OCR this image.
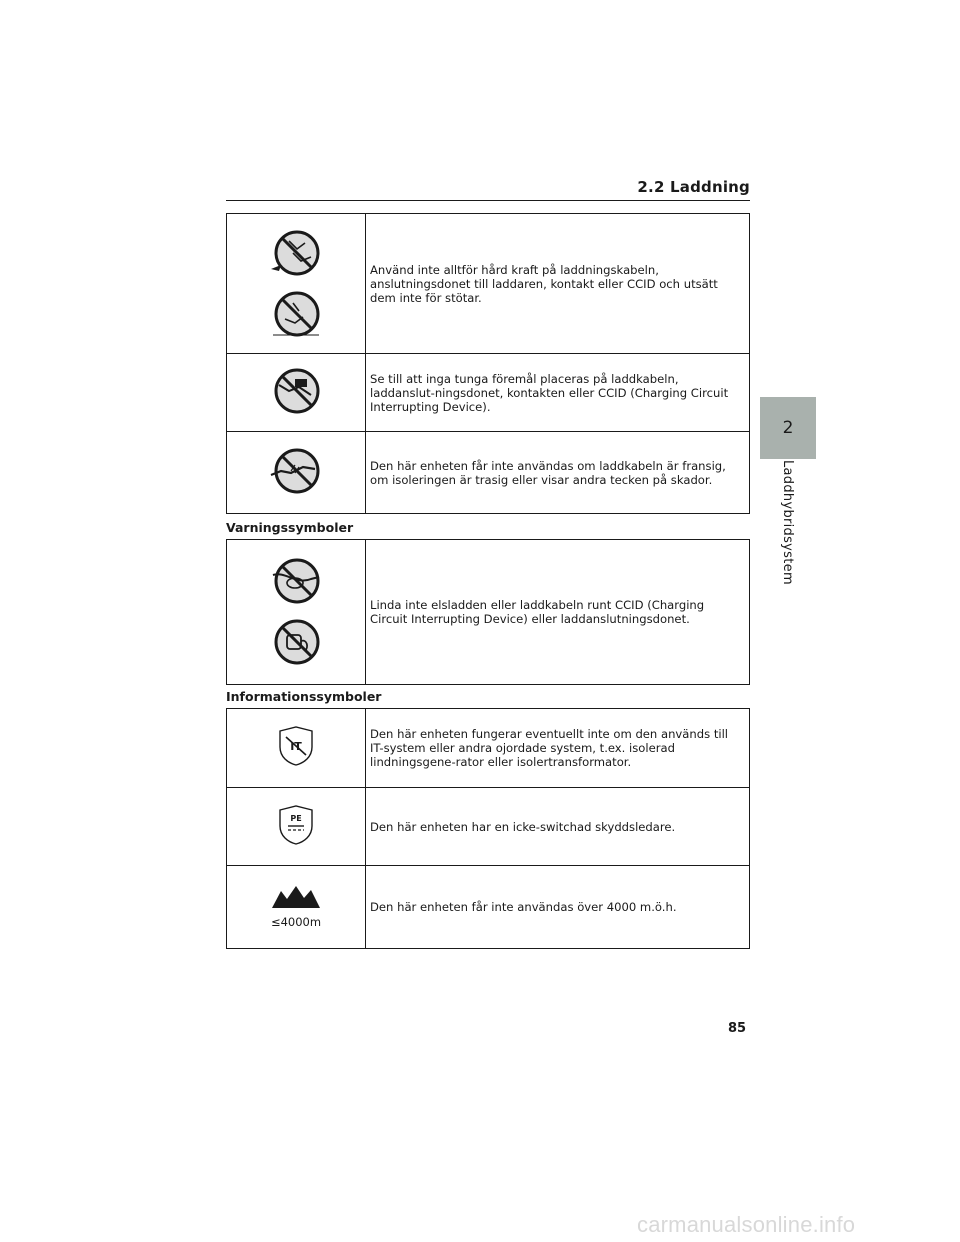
2.2 Laddning
2
Laddhybridsystem
	Använd inte alltför hård kraft på laddningskabeln, anslutningsdonet till laddaren, kontakt eller CCID och utsätt dem inte för stötar.
	Se till att inga tunga föremål placeras på laddkabeln, laddanslut-ningsdonet, kontakten eller CCID (Charging Circuit Interrupting Device).
	Den här enheten får inte användas om laddkabeln är fransig, om isoleringen är trasig eller visar andra tecken på skador.
Varningssymboler
	Linda inte elsladden eller laddkabeln runt CCID (Charging Circuit Interrupting Device) eller laddanslutningsdonet.
Informationssymboler
IT	Den här enheten fungerar eventuellt inte om den används till IT-system eller andra ojordade system, t.ex. isolerad lindningsgene-rator eller isolertransformator.

PE	Den här enheten har en icke-switchad skyddsledare.

≤4000m	Den här enheten får inte användas över 4000 m.ö.h.
85
carmanualsonline.info
